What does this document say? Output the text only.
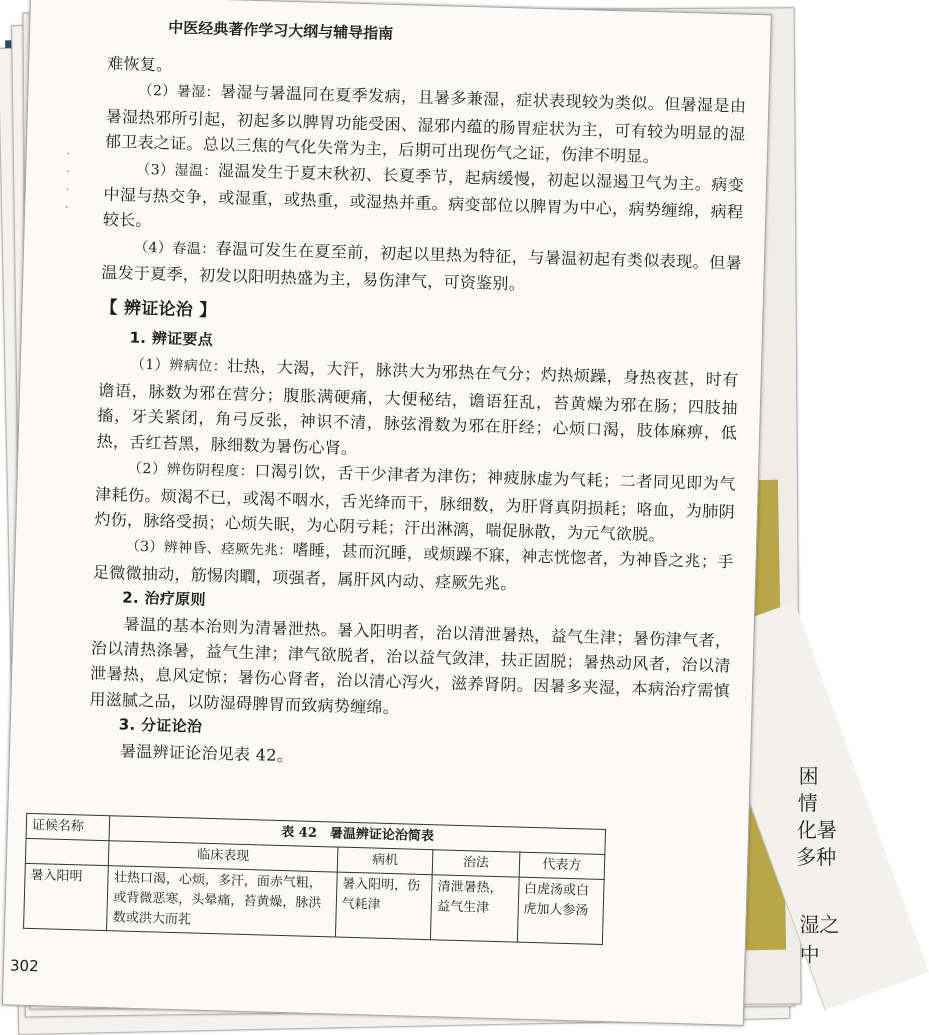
困
情
化暑
多种
湿之
中
中医经典著作学习大纲与辅导指南
·
·
·
·

难恢复。

（2）暑湿：暑湿与暑温同在夏季发病，且暑多兼湿，症状表现较为类似。但暑湿是由暑湿热邪所引起，初起多以脾胃功能受困、湿邪内蕴的肠胃症状为主，可有较为明显的湿郁卫表之证。总以三焦的气化失常为主，后期可出现伤气之证，伤津不明显。

（3）湿温：湿温发生于夏末秋初、长夏季节，起病缓慢，初起以湿遏卫气为主。病变中湿与热交争，或湿重，或热重，或湿热并重。病变部位以脾胃为中心，病势缠绵，病程较长。

（4）春温：春温可发生在夏至前，初起以里热为特征，与暑温初起有类似表现。但暑温发于夏季，初发以阳明热盛为主，易伤津气，可资鉴别。

【 辨证论治 】

1. 辨证要点

（1）辨病位：壮热，大渴，大汗，脉洪大为邪热在气分；灼热烦躁，身热夜甚，时有谵语，脉数为邪在营分；腹胀满硬痛，大便秘结，谵语狂乱，苔黄燥为邪在肠；四肢抽搐，牙关紧闭，角弓反张，神识不清，脉弦滑数为邪在肝经；心烦口渴，肢体麻痹，低热，舌红苔黑，脉细数为暑伤心肾。

（2）辨伤阴程度：口渴引饮，舌干少津者为津伤；神疲脉虚为气耗；二者同见即为气津耗伤。烦渴不已，或渴不咽水，舌光绛而干，脉细数，为肝肾真阴损耗；咯血，为肺阴灼伤，脉络受损；心烦失眠，为心阴亏耗；汗出淋漓，喘促脉散，为元气欲脱。

（3）辨神昏、痉厥先兆：嗜睡，甚而沉睡，或烦躁不寐，神志恍惚者，为神昏之兆；手足微微抽动，筋惕肉瞤，项强者，属肝风内动、痉厥先兆。

2. 治疗原则

暑温的基本治则为清暑泄热。暑入阳明者，治以清泄暑热，益气生津；暑伤津气者，治以清热涤暑，益气生津；津气欲脱者，治以益气敛津，扶正固脱；暑热动风者，治以清泄暑热，息风定惊；暑伤心肾者，治以清心泻火，滋养肾阴。因暑多夹湿，本病治疗需慎用滋腻之品，以防湿碍脾胃而致病势缠绵。

3. 分证论治

暑温辨证论治见表 42。

证候名称	表 42　暑温辨证论治简表			
	临床表现	病机	治法	代表方
暑入阳明	壮热口渴，心烦，多汗，面赤气粗，或背微恶寒，头晕痛，苔黄燥，脉洪数或洪大而芤	暑入阳明，伤气耗津	清泄暑热，益气生津	白虎汤或白虎加人参汤
302
